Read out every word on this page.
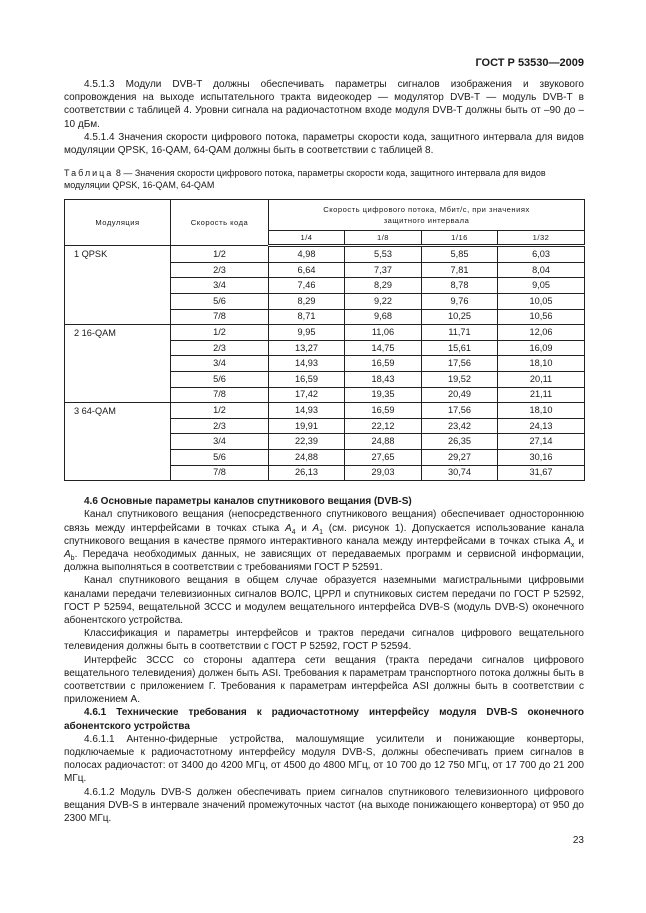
ГОСТ Р 53530—2009

4.5.1.3 Модули DVB-T должны обеспечивать параметры сигналов изображения и звукового сопровождения на выходе испытательного тракта видеокодер — модулятор DVB-T — модуль DVB-T в соответствии с таблицей 4. Уровни сигнала на радиочастотном входе модуля DVB-T должны быть от –90 до –10 дБм.

4.5.1.4 Значения скорости цифрового потока, параметры скорости кода, защитного интервала для видов модуляции QPSK, 16-QAM, 64-QAM должны быть в соответствии с таблицей 8.

Таблица 8 — Значения скорости цифрового потока, параметры скорости кода, защитного интервала для видов модуляции QPSK, 16-QAM, 64-QAM
Модуляция	Скорость кода	Скорость цифрового потока, Мбит/с, при значениях защитного интервала			
		1/4	1/8	1/16	1/32
1 QPSK	1/2	4,98	5,53	5,85	6,03
	2/3	6,64	7,37	7,81	8,04
	3/4	7,46	8,29	8,78	9,05
	5/6	8,29	9,22	9,76	10,05
	7/8	8,71	9,68	10,25	10,56
2 16-QAM	1/2	9,95	11,06	11,71	12,06
	2/3	13,27	14,75	15,61	16,09
	3/4	14,93	16,59	17,56	18,10
	5/6	16,59	18,43	19,52	20,11
	7/8	17,42	19,35	20,49	21,11
3 64-QAM	1/2	14,93	16,59	17,56	18,10
	2/3	19,91	22,12	23,42	24,13
	3/4	22,39	24,88	26,35	27,14
	5/6	24,88	27,65	29,27	30,16
	7/8	26,13	29,03	30,74	31,67
4.6 Основные параметры каналов спутникового вещания (DVB-S)

Канал спутникового вещания (непосредственного спутникового вещания) обеспечивает одностороннюю связь между интерфейсами в точках стыка $A_4$ и $A_1$ (см. рисунок 1). Допускается использование канала спутникового вещания в качестве прямого интерактивного канала между интерфейсами в точках стыка $A_x$ и $A_b$. Передача необходимых данных, не зависящих от передаваемых программ и сервисной информации, должна выполняться в соответствии с требованиями ГОСТ Р 52591.

Канал спутникового вещания в общем случае образуется наземными магистральными цифровыми каналами передачи телевизионных сигналов ВОЛС, ЦРРЛ и спутниковых систем передачи по ГОСТ Р 52592, ГОСТ Р 52594, вещательной ЗССС и модулем вещательного интерфейса DVB-S (модуль DVB-S) оконечного абонентского устройства.

Классификация и параметры интерфейсов и трактов передачи сигналов цифрового вещательного телевидения должны быть в соответствии с ГОСТ Р 52592, ГОСТ Р 52594.

Интерфейс ЗССС со стороны адаптера сети вещания (тракта передачи сигналов цифрового вещательного телевидения) должен быть ASI. Требования к параметрам транспортного потока должны быть в соответствии с приложением Г. Требования к параметрам интерфейса ASI должны быть в соответствии с приложением А.

4.6.1 Технические требования к радиочастотному интерфейсу модуля DVB-S оконечного абонентского устройства

4.6.1.1 Антенно-фидерные устройства, малошумящие усилители и понижающие конверторы, подключаемые к радиочастотному интерфейсу модуля DVB-S, должны обеспечивать прием сигналов в полосах радиочастот: от 3400 до 4200 МГц, от 4500 до 4800 МГц, от 10 700 до 12 750 МГц, от 17 700 до 21 200 МГц.

4.6.1.2 Модуль DVB-S должен обеспечивать прием сигналов спутникового телевизионного цифрового вещания DVB-S в интервале значений промежуточных частот (на выходе понижающего конвертора) от 950 до 2300 МГц.

23
